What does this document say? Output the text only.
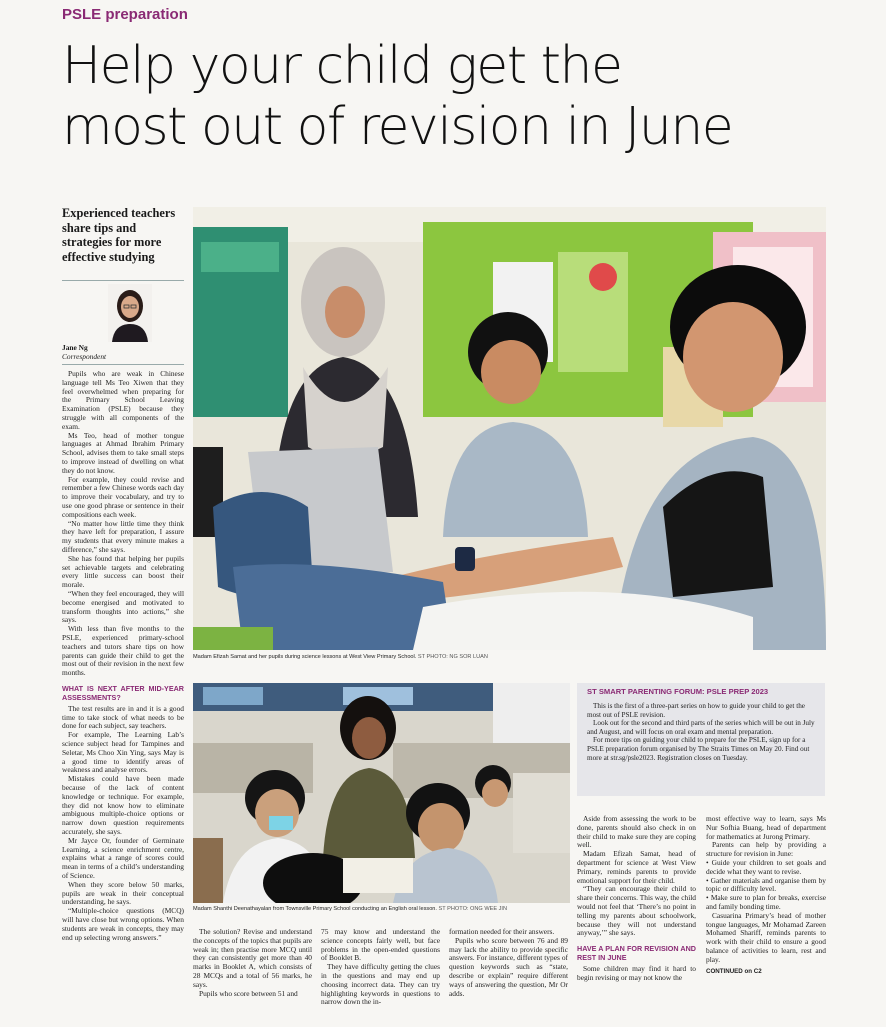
PSLE preparation
Help your child get the
most out of revision in June
Experienced teachers share tips and strategies for more effective studying
Jane Ng
Correspondent

Pupils who are weak in Chinese language tell Ms Teo Xiwen that they feel overwhelmed when preparing for the Primary School Leaving Examination (PSLE) because they struggle with all components of the exam.

Ms Teo, head of mother tongue languages at Ahmad Ibrahim Primary School, advises them to take small steps to improve instead of dwelling on what they do not know.

For example, they could revise and remember a few Chinese words each day to improve their vocabulary, and try to use one good phrase or sentence in their compositions each week.

“No matter how little time they think they have left for preparation, I assure my students that every minute makes a difference,” she says.

She has found that helping her pupils set achievable targets and celebrating every little success can boost their morale.

“When they feel encouraged, they will become energised and motivated to transform thoughts into actions,” she says.

With less than five months to the PSLE, experienced primary-school teachers and tutors share tips on how parents can guide their child to get the most out of their revision in the next few months.

WHAT IS NEXT AFTER MID-YEAR ASSESSMENTS?

The test results are in and it is a good time to take stock of what needs to be done for each subject, say teachers.

For example, The Learning Lab’s science subject head for Tampines and Seletar, Ms Choo Xin Ying, says May is a good time to identify areas of weakness and analyse errors.

Mistakes could have been made because of the lack of content knowledge or technique. For example, they did not know how to eliminate ambiguous multiple-choice options or narrow down question requirements accurately, she says.

Mr Jayce Or, founder of Germinate Learning, a science enrichment centre, explains what a range of scores could mean in terms of a child’s understanding of Science.

When they score below 50 marks, pupils are weak in their conceptual understanding, he says.

“Multiple-choice questions (MCQ) will have close but wrong options. When students are weak in concepts, they may end up selecting wrong answers.”

Madam Efizah Samat and her pupils during science lessons at West View Primary School. ST PHOTO: NG SOR LUAN
Madam Shanthi Deenathayalan from Townsville Primary School conducting an English oral lesson. ST PHOTO: ONG WEE JIN

The solution? Revise and understand the concepts of the topics that pupils are weak in; then practise more MCQ until they can consistently get more than 40 marks in Booklet A, which consists of 28 MCQs and a total of 56 marks, he says.

Pupils who score between 51 and

75 may know and understand the science concepts fairly well, but face problems in the open-ended questions of Booklet B.

They have difficulty getting the clues in the questions and may end up choosing incorrect data. They can try highlighting keywords in questions to narrow down the in-

formation needed for their answers.

Pupils who score between 76 and 89 may lack the ability to provide specific answers. For instance, different types of question keywords such as “state, describe or explain” require different ways of answering the question, Mr Or adds.

ST SMART PARENTING FORUM: PSLE PREP 2023

This is the first of a three-part series on how to guide your child to get the most out of PSLE revision.

Look out for the second and third parts of the series which will be out in July and August, and will focus on oral exam and mental preparation.

For more tips on guiding your child to prepare for the PSLE, sign up for a PSLE preparation forum organised by The Straits Times on May 20. Find out more at str.sg/psle2023. Registration closes on Tuesday.

Aside from assessing the work to be done, parents should also check in on their child to make sure they are coping well.

Madam Efizah Samat, head of department for science at West View Primary, reminds parents to provide emotional support for their child.

“They can encourage their child to share their concerns. This way, the child would not feel that ‘There’s no point in telling my parents about schoolwork, because they will not understand anyway,’” she says.

HAVE A PLAN FOR REVISION AND REST IN JUNE

Some children may find it hard to begin revising or may not know the

most effective way to learn, says Ms Nur Sofhia Buang, head of department for mathematics at Jurong Primary.

Parents can help by providing a structure for revision in June:

• Guide your children to set goals and decide what they want to revise.

• Gather materials and organise them by topic or difficulty level.

• Make sure to plan for breaks, exercise and family bonding time.

Casuarina Primary’s head of mother tongue languages, Mr Mohamad Zareen Mohamed Shariff, reminds parents to work with their child to ensure a good balance of activities to learn, rest and play.

CONTINUED on C2
